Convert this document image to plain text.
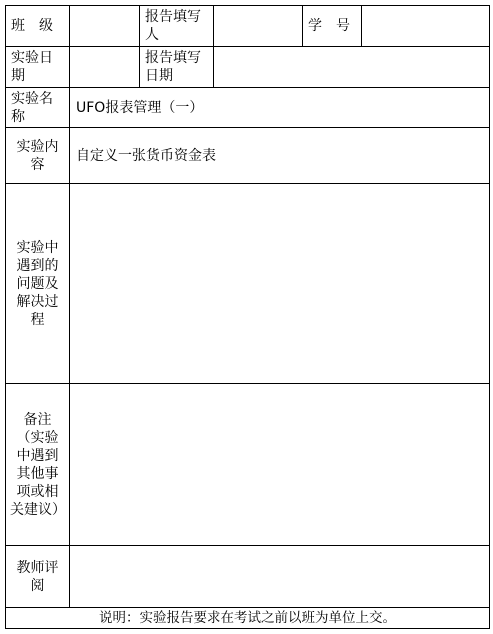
班　级		报告填写人		学　号	
实验日期		报告填写日期			
实验名称	UFO报表管理（一）				
实验内容	自定义一张货币资金表				
实验中遇到的问题及解决过程					
备注（实验中遇到其他事项或相关建议）					
教师评阅					
说明：实验报告要求在考试之前以班为单位上交。					
